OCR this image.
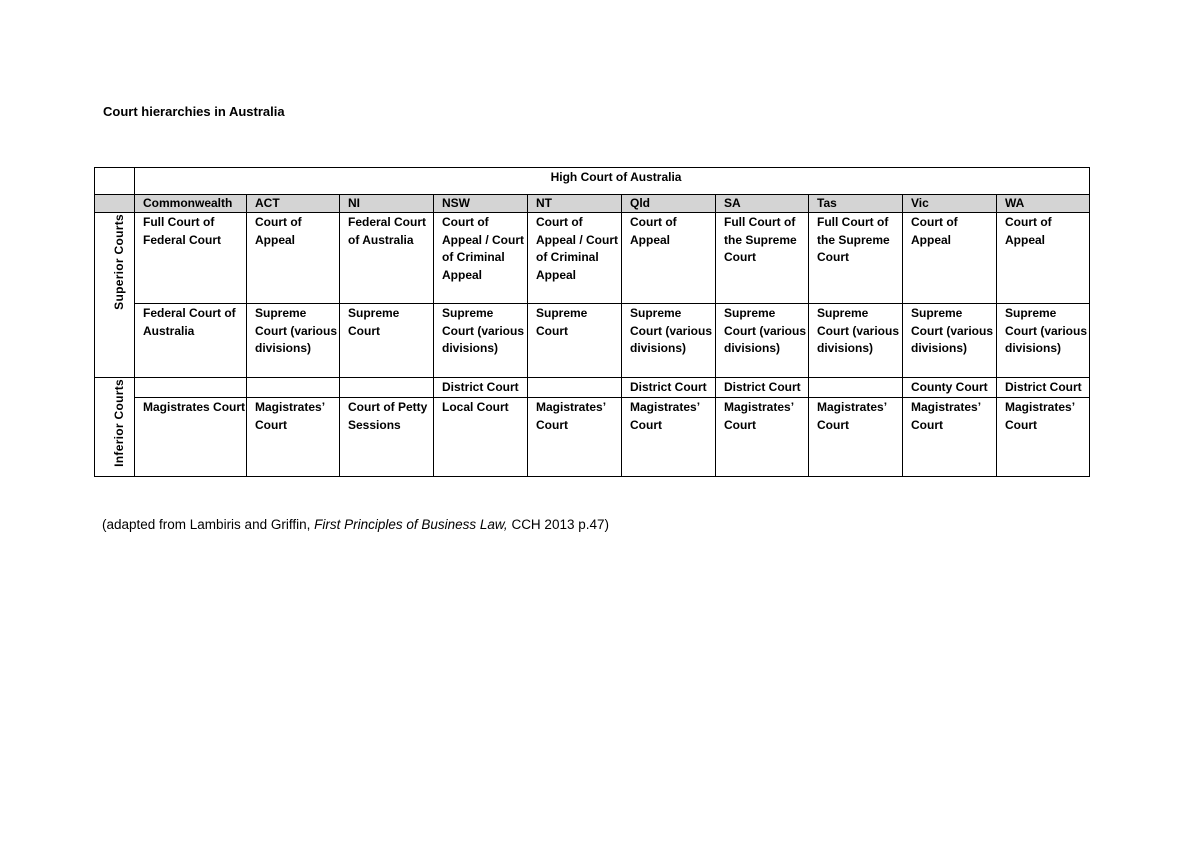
Court hierarchies in Australia
	High Court of Australia									
	Commonwealth	ACT	NI	NSW	NT	Qld	SA	Tas	Vic	WA
Superior Courts	Full Court of Federal Court	Court of Appeal	Federal Court of Australia	Court of Appeal / Court of Criminal Appeal	Court of Appeal / Court of Criminal Appeal	Court of Appeal	Full Court of the Supreme Court	Full Court of the Supreme Court	Court of Appeal	Court of Appeal
	Federal Court of Australia	Supreme Court (various divisions)	Supreme Court	Supreme Court (various divisions)	Supreme Court	Supreme Court (various divisions)	Supreme Court (various divisions)	Supreme Court (various divisions)	Supreme Court (various divisions)	Supreme Court (various divisions)
Inferior Courts				District Court		District Court	District Court		County Court	District Court
	Magistrates Court	Magistrates’ Court	Court of Petty Sessions	Local Court	Magistrates’ Court	Magistrates’ Court	Magistrates’ Court	Magistrates’ Court	Magistrates’ Court	Magistrates’ Court
(adapted from Lambiris and Griffin, First Principles of Business Law, CCH 2013 p.47)
